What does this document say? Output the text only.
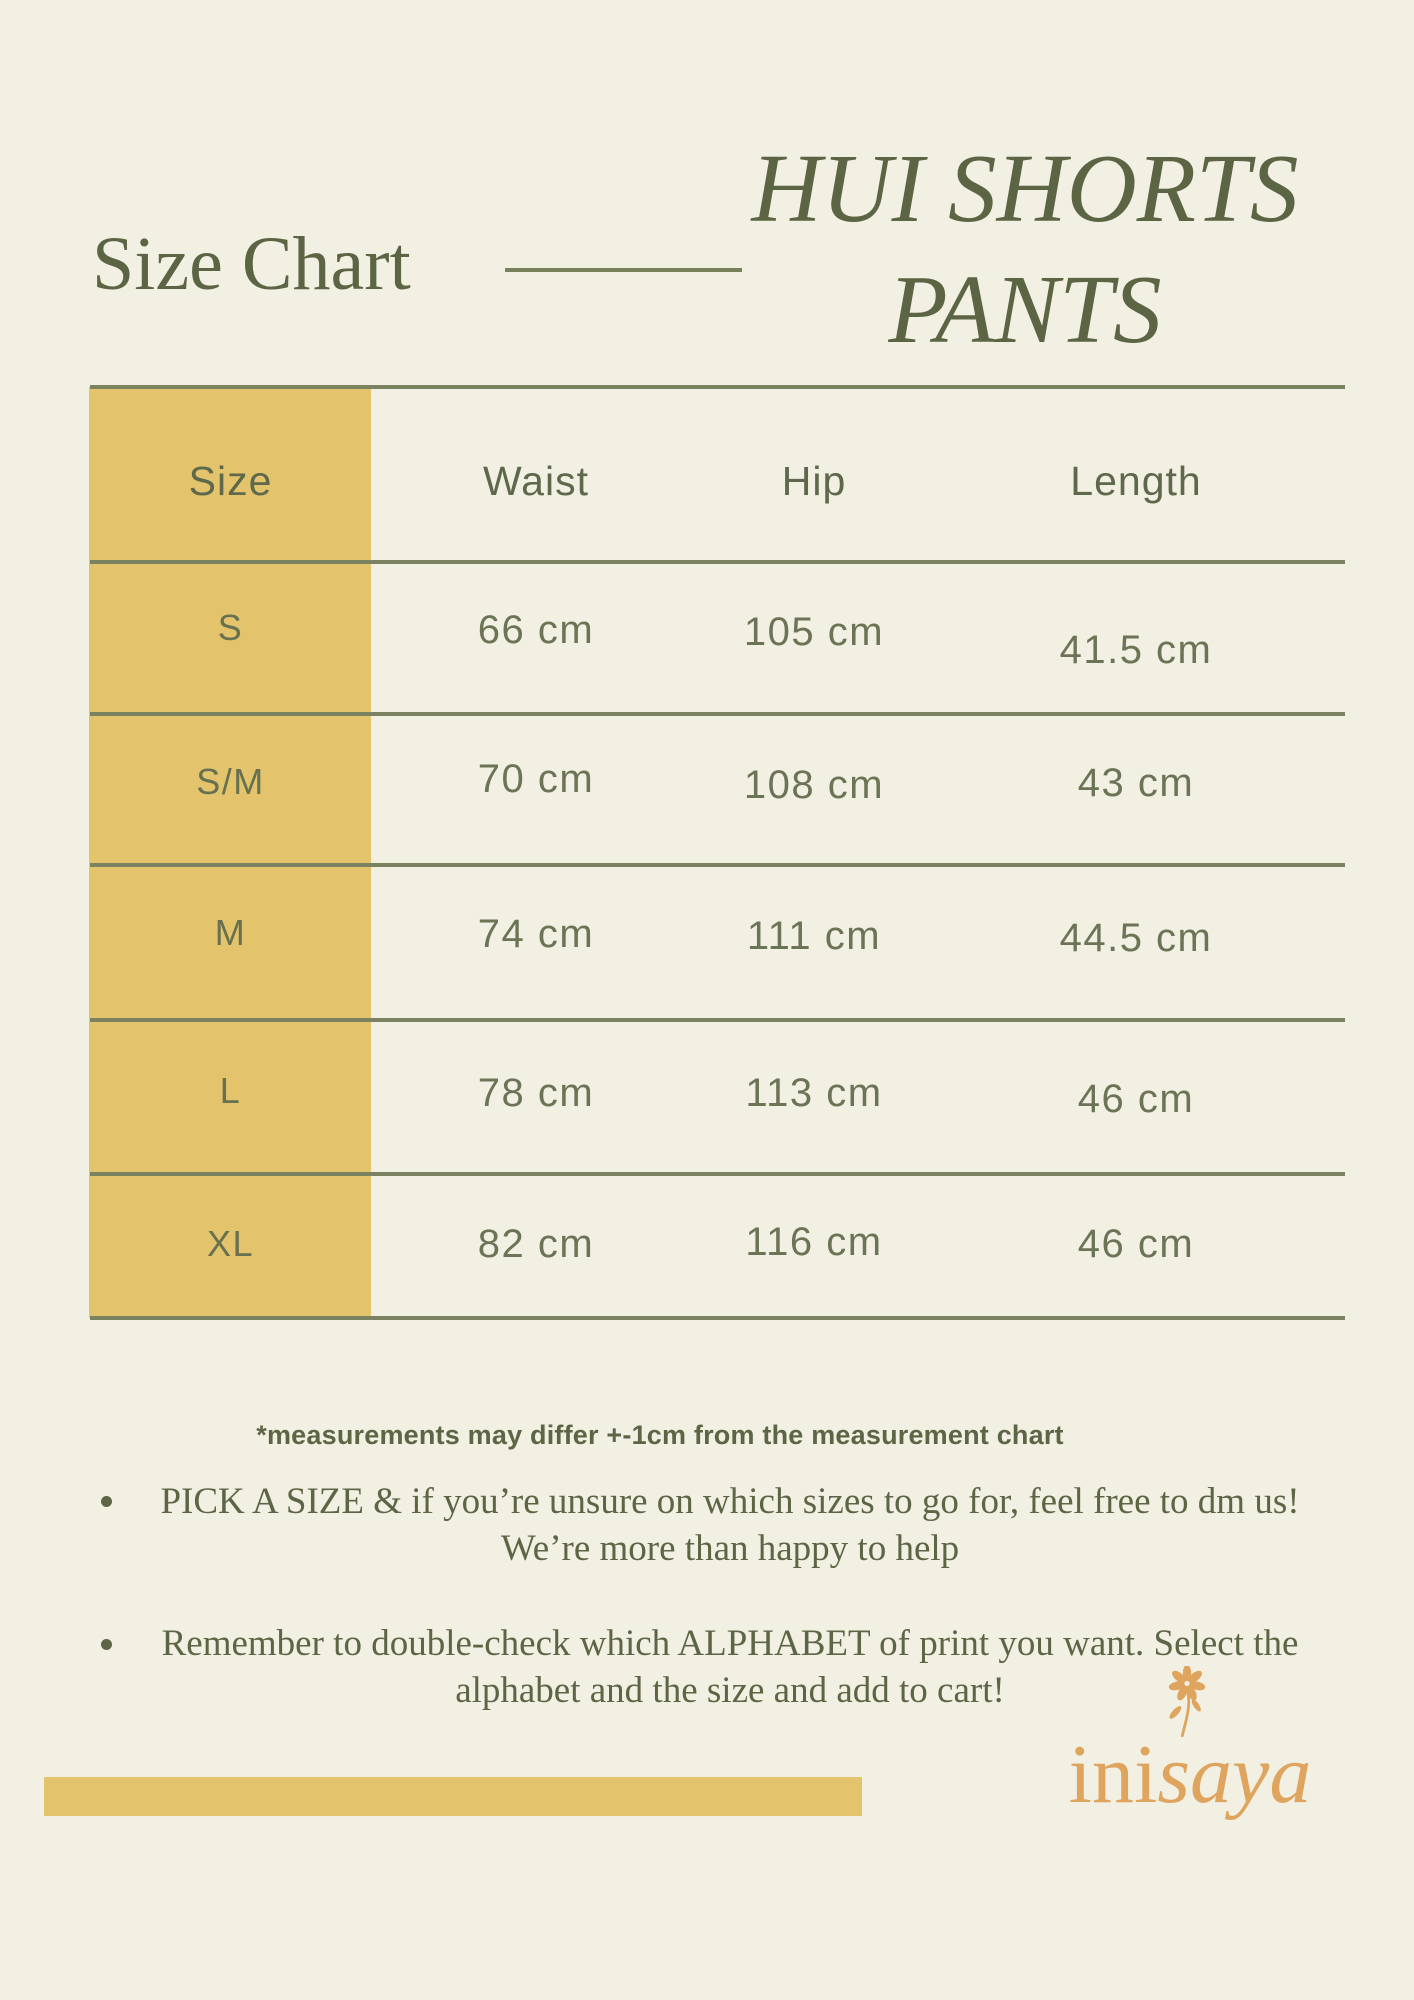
Size Chart
HUI SHORTS
PANTS
Size	Waist	Hip	Length
S	66 cm	105 cm	41.5 cm
S/M	70 cm	108 cm	43 cm
M	74 cm	111 cm	44.5 cm
L	78 cm	113 cm	46 cm
XL	82 cm	116 cm	46 cm
*measurements may differ +-1cm from the measurement chart
PICK A SIZE & if you’re unsure on which sizes to go for, feel free to dm us!
We’re more than happy to help
Remember to double-check which ALPHABET of print you want. Select the
alphabet and the size and add to cart!
inisaya
